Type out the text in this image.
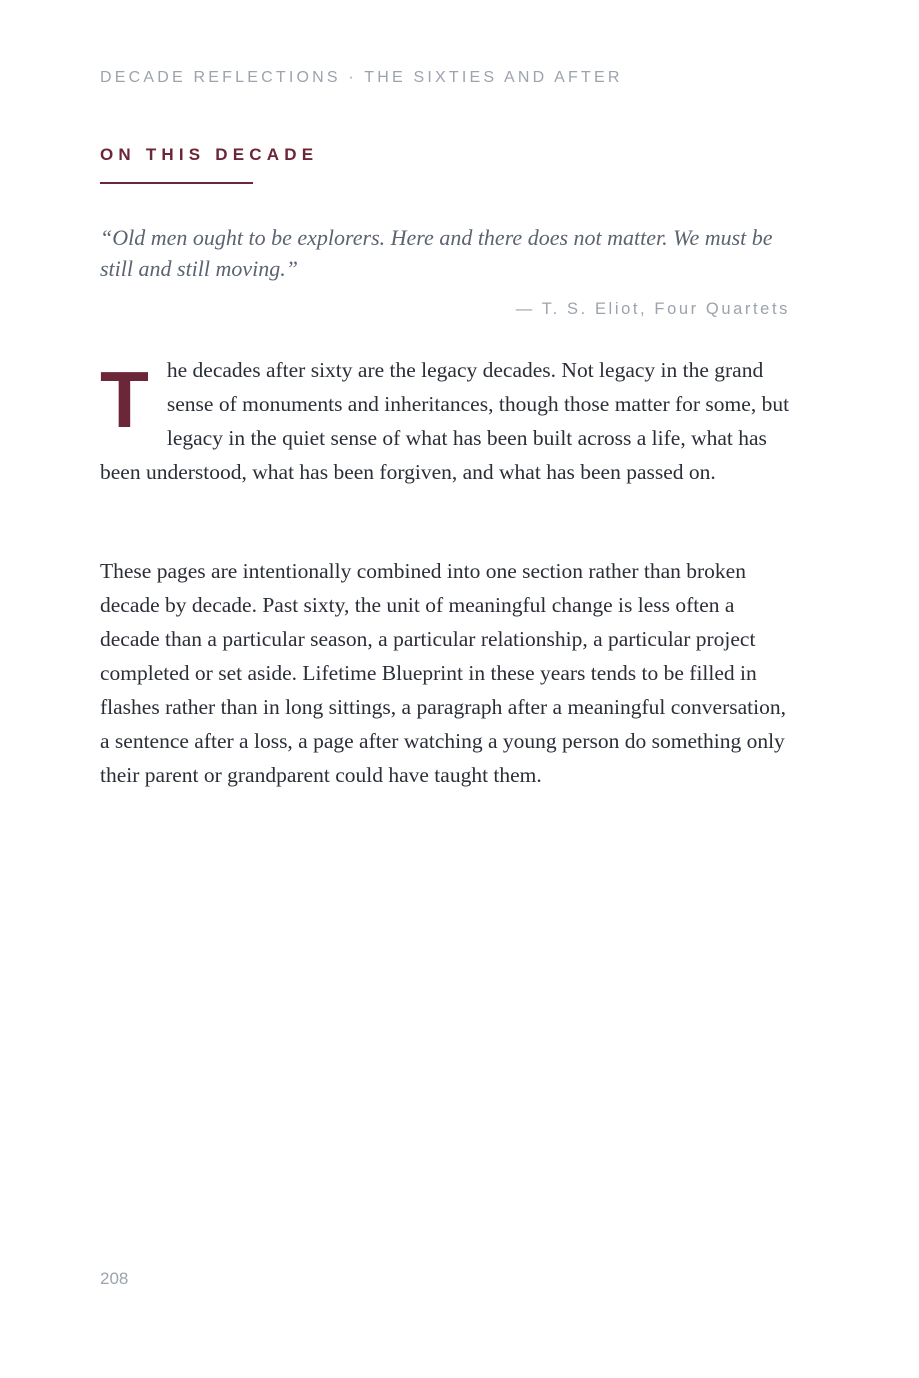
DECADE REFLECTIONS · THE SIXTIES AND AFTER
ON THIS DECADE

“Old men ought to be explorers. Here and there does not matter. We must be still and still moving.”

— T. S. Eliot, Four Quartets

The decades after sixty are the legacy decades. Not legacy in the grand sense of monuments and inheritances, though those matter for some, but legacy in the quiet sense of what has been built across a life, what has been understood, what has been forgiven, and what has been passed on.

These pages are intentionally combined into one section rather than broken decade by decade. Past sixty, the unit of meaningful change is less often a decade than a particular season, a particular relationship, a particular project completed or set aside. Lifetime Blueprint in these years tends to be filled in flashes rather than in long sittings, a paragraph after a meaningful conversation, a sentence after a loss, a page after watching a young person do something only their parent or grandparent could have taught them.

208
